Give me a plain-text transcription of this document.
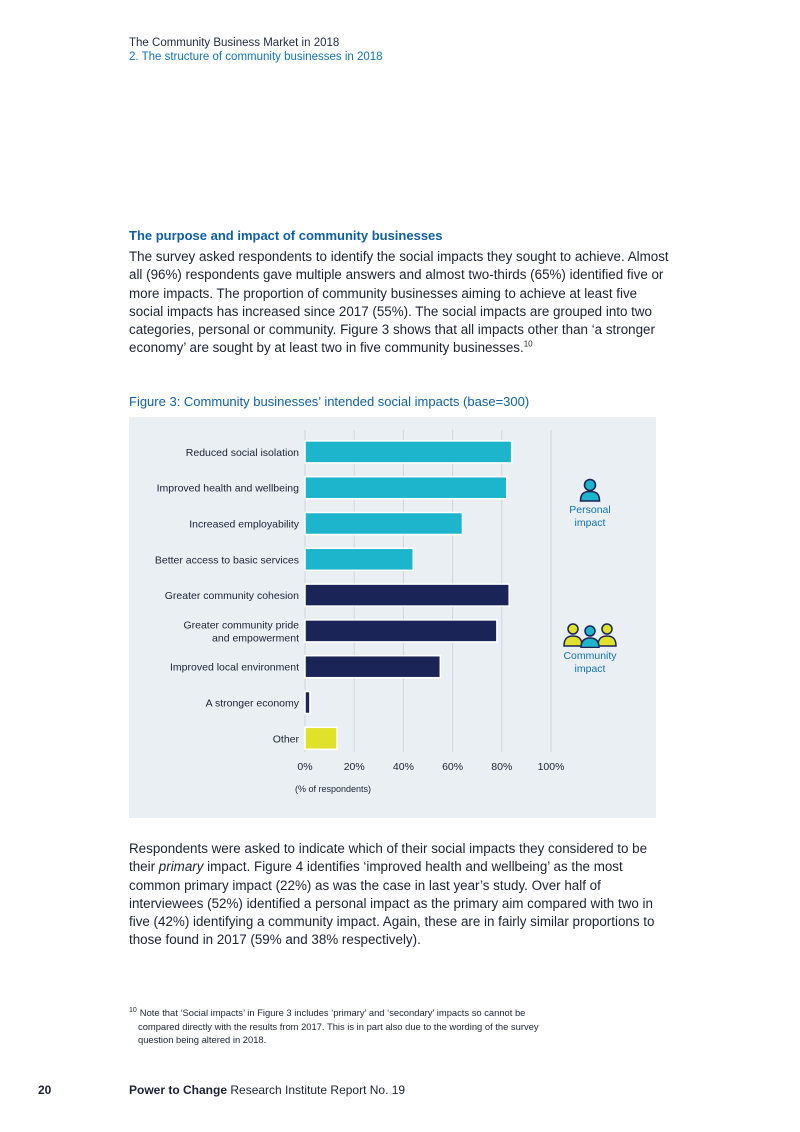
The Community Business Market in 2018
2. The structure of community businesses in 2018
The purpose and impact of community businesses

The survey asked respondents to identify the social impacts they sought to achieve. Almost all (96%) respondents gave multiple answers and almost two-thirds (65%) identified five or more impacts. The proportion of community businesses aiming to achieve at least five social impacts has increased since 2017 (55%). The social impacts are grouped into two categories, personal or community. Figure 3 shows that all impacts other than ‘a stronger economy’ are sought by at least two in five community businesses.$^{10}$

Figure 3: Community businesses’ intended social impacts (base=300)
0%	20%	40%	60%	80% 100%
(% of respondents)
Reduced social isolation
Improved health and wellbeing
Increased employability
Better access to basic services
Greater community cohesion
Greater community pride and empowerment
Improved local environment
A stronger economy
Other
Personal
impact
Community
impact

Respondents were asked to indicate which of their social impacts they considered to be their primary impact. Figure 4 identifies ‘improved health and wellbeing’ as the most common primary impact (22%) as was the case in last year’s study. Over half of interviewees (52%) identified a personal impact as the primary aim compared with two in five (42%) identifying a community impact. Again, these are in fairly similar proportions to those found in 2017 (59% and 38% respectively).

$^{10}$ Note that ‘Social impacts’ in Figure 3 includes ‘primary’ and ‘secondary’ impacts so cannot be
compared directly with the results from 2017. This is in part also due to the wording of the survey
question being altered in 2018.
20	Power to Change Research Institute Report No. 19
